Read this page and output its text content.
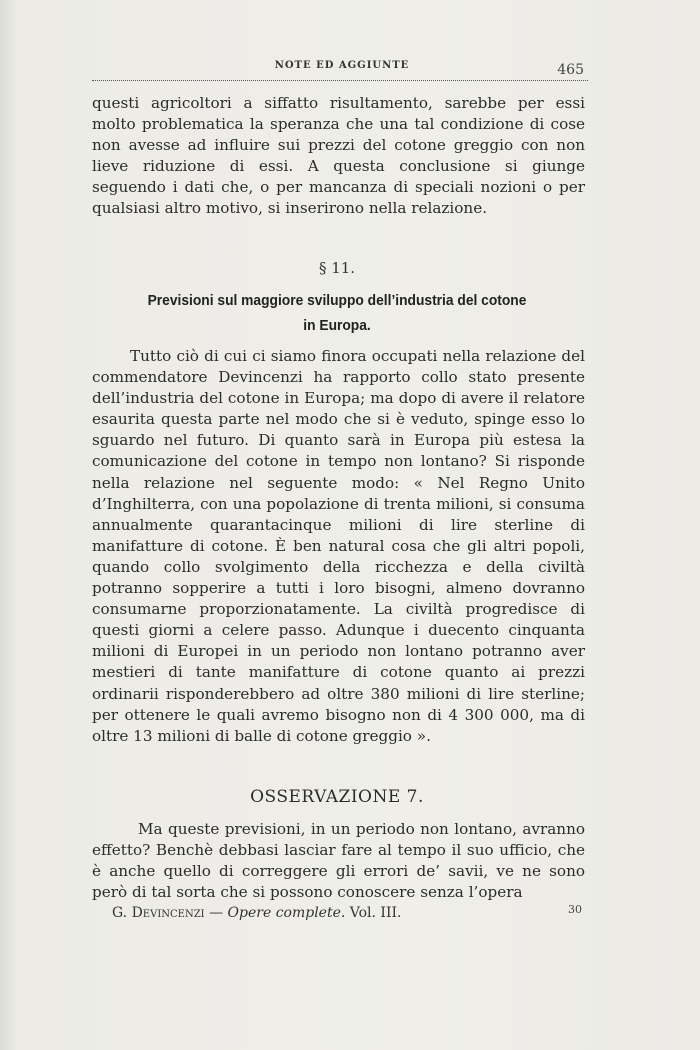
NOTE ED AGGIUNTE	465
questi agricoltori a siffatto risultamento, sarebbe per essi molto problematica la speranza che una tal condizione di cose non avesse ad influire sui prezzi del cotone greggio con non lieve riduzione di essi. A questa conclusione si giunge seguendo i dati che, o per mancanza di speciali nozioni o per qualsiasi altro motivo, si inserirono nella relazione.
§ 11.
Previsioni sul maggiore sviluppo dell’industria del cotone
in Europa.
Tutto ciò di cui ci siamo finora occupati nella relazione del commendatore Devincenzi ha rapporto collo stato presente dell’industria del cotone in Europa; ma dopo di avere il relatore esaurita questa parte nel modo che si è veduto, spinge esso lo sguardo nel futuro. Di quanto sarà in Europa più estesa la comunicazione del cotone in tempo non lontano? Si risponde nella relazione nel seguente modo: « Nel Regno Unito d’Inghilterra, con una popolazione di trenta milioni, si consuma annualmente quarantacinque milioni di lire sterline di manifatture di cotone. È ben natural cosa che gli altri popoli, quando collo svolgimento della ricchezza e della civiltà potranno sopperire a tutti i loro bisogni, almeno dovranno consumarne proporzionatamente. La civiltà progredisce di questi giorni a celere passo. Adunque i duecento cinquanta milioni di Europei in un periodo non lontano potranno aver mestieri di tante manifatture di cotone quanto ai prezzi ordinarii risponderebbero ad oltre 380 milioni di lire sterline; per ottenere le quali avremo bisogno non di 4 300 000, ma di oltre 13 milioni di balle di cotone greggio ».
OSSERVAZIONE 7.
Ma queste previsioni, in un periodo non lontano, avranno effetto? Benchè debbasi lasciar fare al tempo il suo ufficio, che è anche quello di correggere gli errori de’ savii, ve ne sono però di tal sorta che si possono conoscere senza l’opera
G. Devincenzi — Opere complete. Vol. III.	30
